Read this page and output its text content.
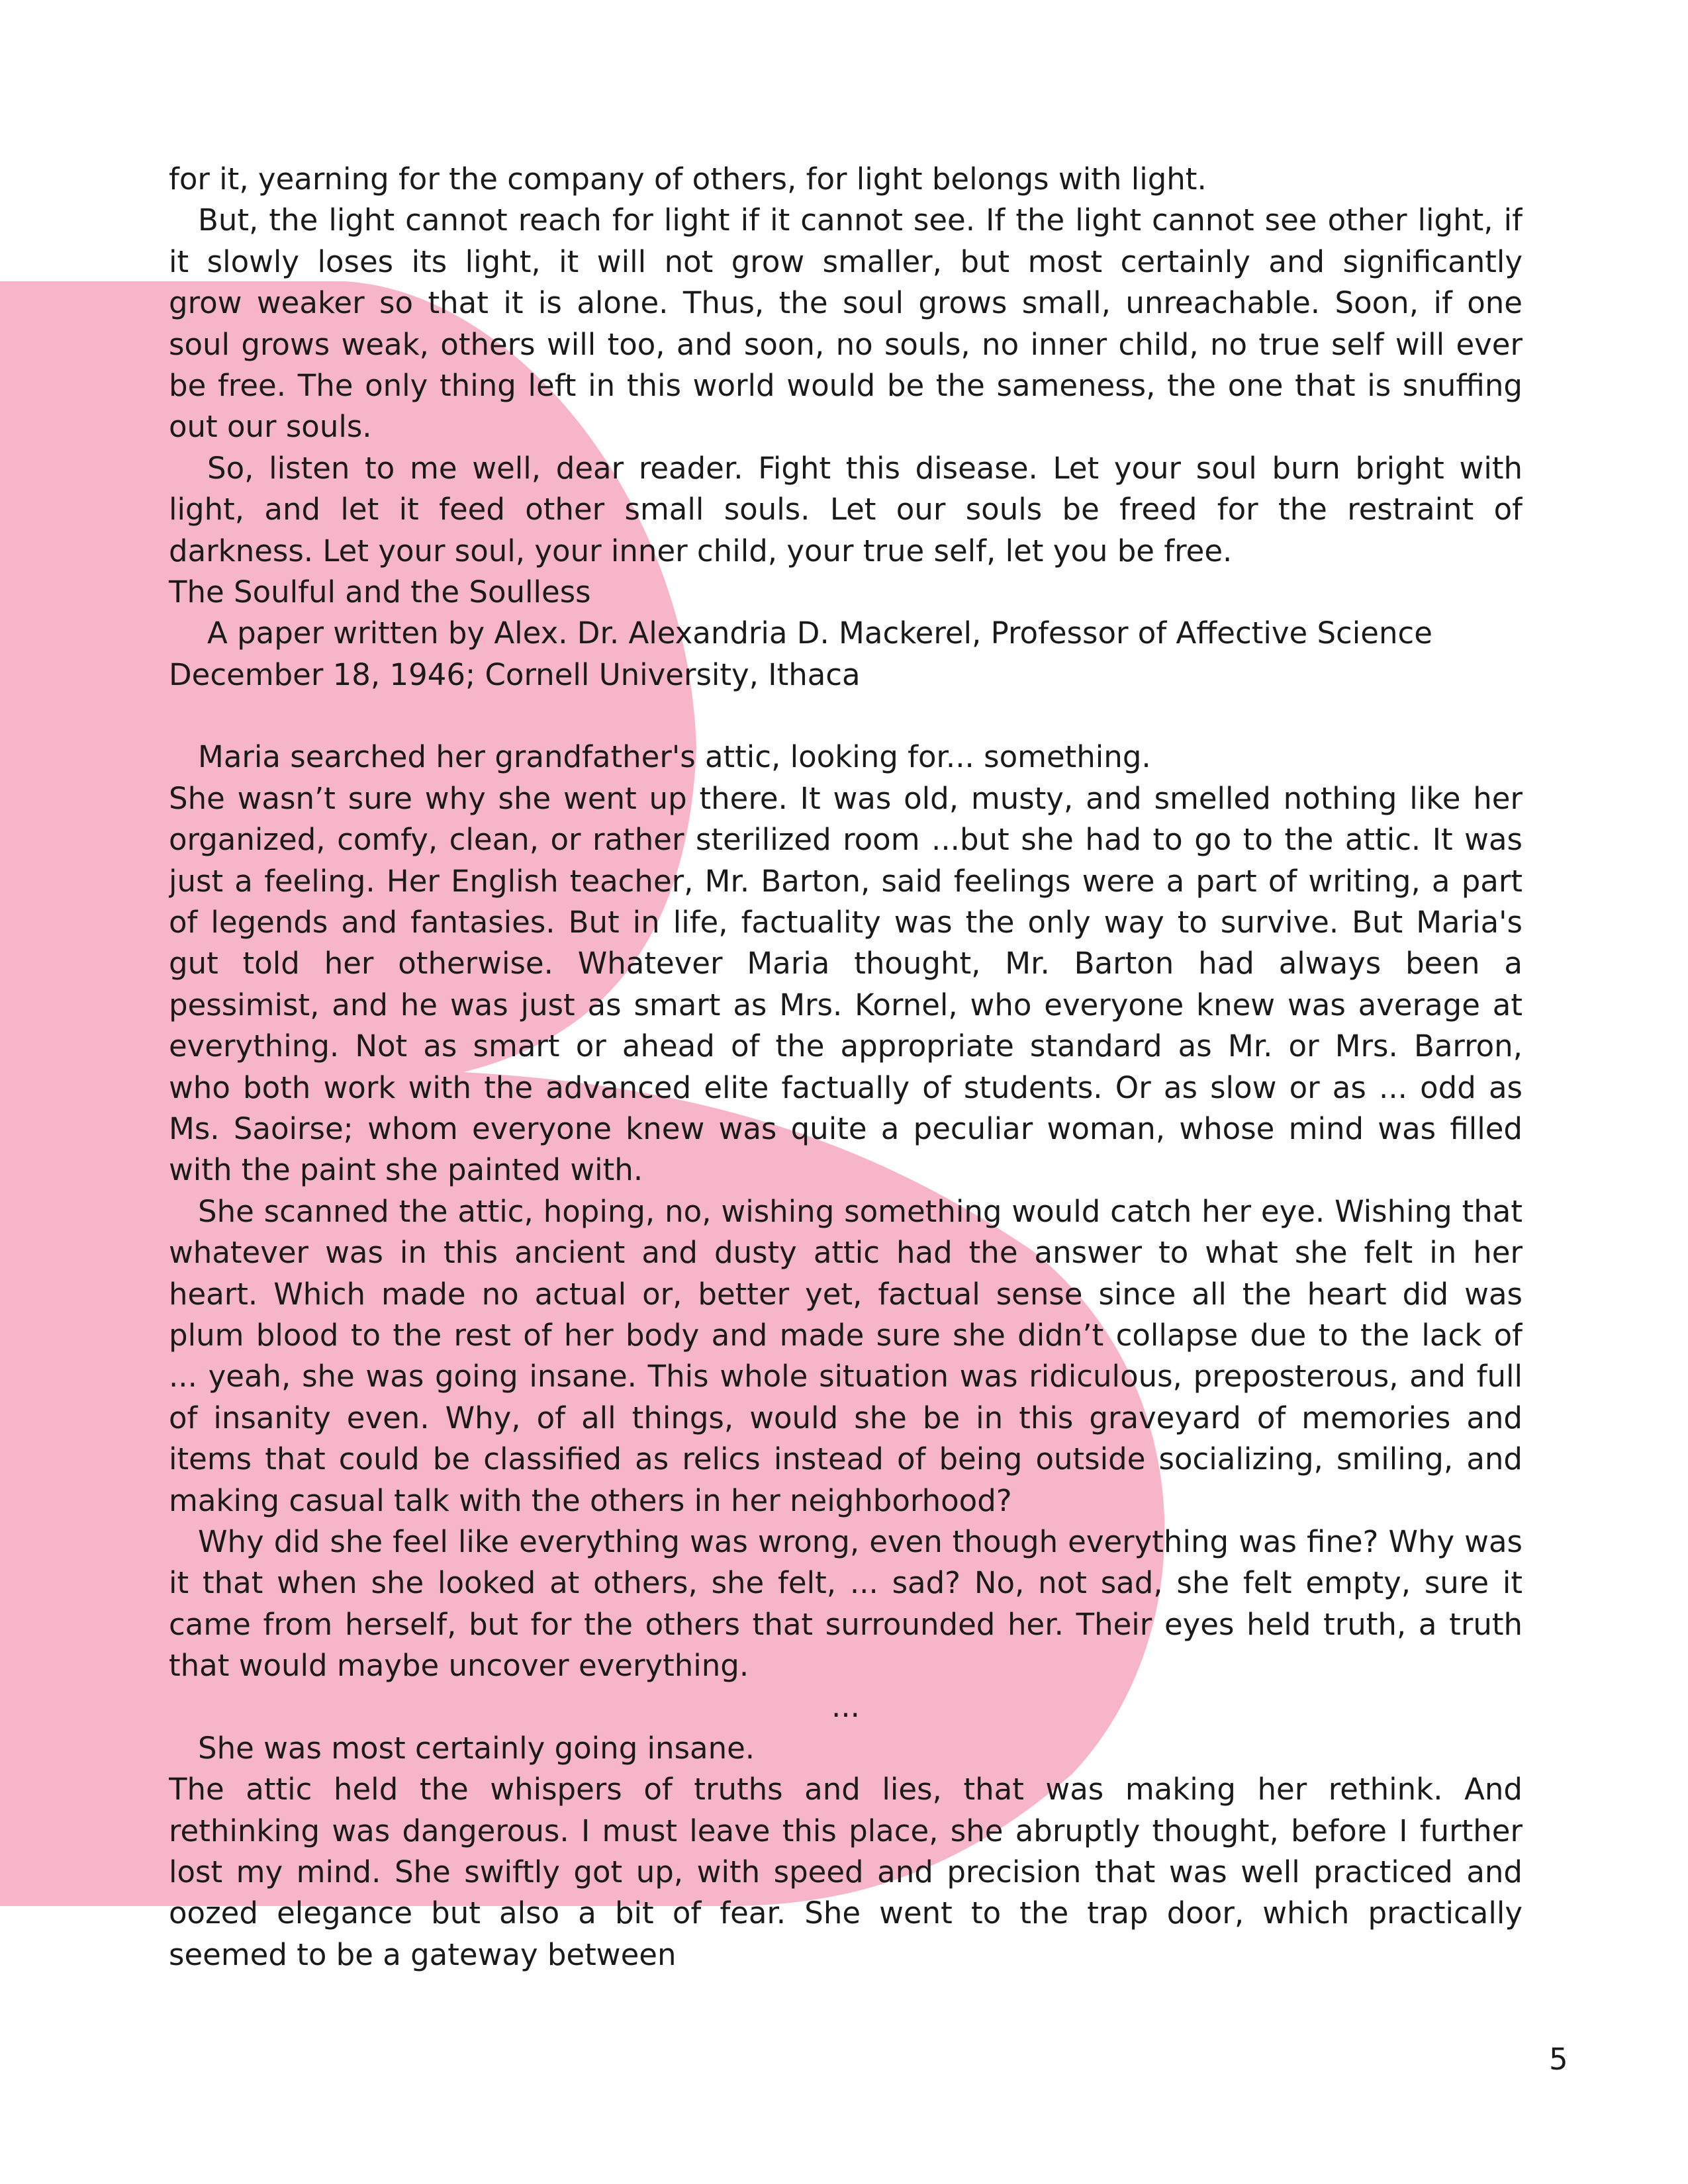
for it, yearning for the company of others, for light belongs with light.
But, the light cannot reach for light if it cannot see. If the light cannot see other light, if
it slowly loses its light, it will not grow smaller, but most certainly and significantly
grow weaker so that it is alone. Thus, the soul grows small, unreachable. Soon, if one
soul grows weak, others will too, and soon, no souls, no inner child, no true self will ever
be free. The only thing left in this world would be the sameness, the one that is snuffing
out our souls.
So, listen to me well, dear reader. Fight this disease. Let your soul burn bright with
light, and let it feed other small souls. Let our souls be freed for the restraint of
darkness. Let your soul, your inner child, your true self, let you be free.
The Soulful and the Soulless
A paper written by Alex. Dr. Alexandria D. Mackerel, Professor of Affective Science
December 18, 1946; Cornell University, Ithaca
Maria searched her grandfather's attic, looking for... something.
She wasn’t sure why she went up there. It was old, musty, and smelled nothing like her
organized, comfy, clean, or rather sterilized room ...but she had to go to the attic. It was
just a feeling. Her English teacher, Mr. Barton, said feelings were a part of writing, a part
of legends and fantasies. But in life, factuality was the only way to survive. But Maria's
gut told her otherwise. Whatever Maria thought, Mr. Barton had always been a
pessimist, and he was just as smart as Mrs. Kornel, who everyone knew was average at
everything. Not as smart or ahead of the appropriate standard as Mr. or Mrs. Barron,
who both work with the advanced elite factually of students. Or as slow or as ... odd as
Ms. Saoirse; whom everyone knew was quite a peculiar woman, whose mind was filled
with the paint she painted with.
She scanned the attic, hoping, no, wishing something would catch her eye. Wishing that
whatever was in this ancient and dusty attic had the answer to what she felt in her
heart. Which made no actual or, better yet, factual sense since all the heart did was
plum blood to the rest of her body and made sure she didn’t collapse due to the lack of
... yeah, she was going insane. This whole situation was ridiculous, preposterous, and full
of insanity even. Why, of all things, would she be in this graveyard of memories and
items that could be classified as relics instead of being outside socializing, smiling, and
making casual talk with the others in her neighborhood?
Why did she feel like everything was wrong, even though everything was fine? Why was
it that when she looked at others, she felt, ... sad? No, not sad, she felt empty, sure it
came from herself, but for the others that surrounded her. Their eyes held truth, a truth
that would maybe uncover everything.
...
She was most certainly going insane.
The attic held the whispers of truths and lies, that was making her rethink. And
rethinking was dangerous. I must leave this place, she abruptly thought, before I further
lost my mind. She swiftly got up, with speed and precision that was well practiced and
oozed elegance but also a bit of fear. She went to the trap door, which practically
seemed to be a gateway between
5
